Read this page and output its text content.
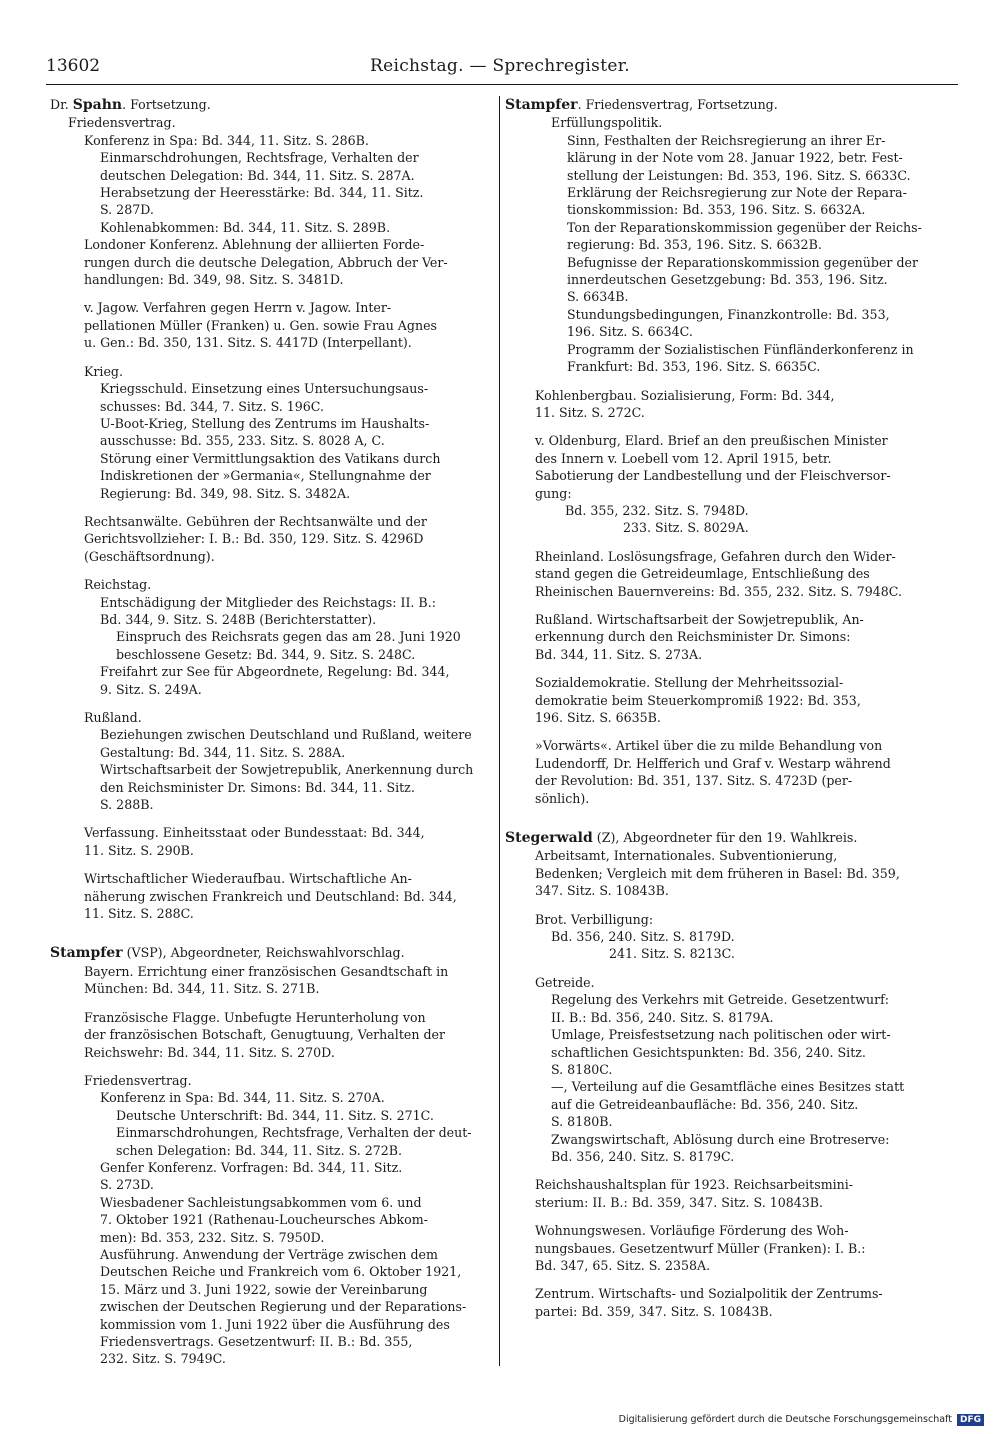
13602	Reichstag. — Sprechregister.
Dr. Spahn. Fortsetzung.
Friedensvertrag.
Konferenz in Spa: Bd. 344, 11. Sitz. S. 286B.
Einmarschdrohungen, Rechtsfrage, Verhalten der
deutschen Delegation: Bd. 344, 11. Sitz. S. 287A.
Herabsetzung der Heeresstärke: Bd. 344, 11. Sitz.
S. 287D.
Kohlenabkommen: Bd. 344, 11. Sitz. S. 289B.
Londoner Konferenz. Ablehnung der alliierten Forde-
rungen durch die deutsche Delegation, Abbruch der Ver-
handlungen: Bd. 349, 98. Sitz. S. 3481D.
v. Jagow. Verfahren gegen Herrn v. Jagow. Inter-
pellationen Müller (Franken) u. Gen. sowie Frau Agnes
u. Gen.: Bd. 350, 131. Sitz. S. 4417D (Interpellant).
Krieg.
Kriegsschuld. Einsetzung eines Untersuchungsaus-
schusses: Bd. 344, 7. Sitz. S. 196C.
U-Boot-Krieg, Stellung des Zentrums im Haushalts-
ausschusse: Bd. 355, 233. Sitz. S. 8028 A, C.
Störung einer Vermittlungsaktion des Vatikans durch
Indiskretionen der »Germania«, Stellungnahme der
Regierung: Bd. 349, 98. Sitz. S. 3482A.
Rechtsanwälte. Gebühren der Rechtsanwälte und der
Gerichtsvollzieher: I. B.: Bd. 350, 129. Sitz. S. 4296D
(Geschäftsordnung).
Reichstag.
Entschädigung der Mitglieder des Reichstags: II. B.:
Bd. 344, 9. Sitz. S. 248B (Berichterstatter).
Einspruch des Reichsrats gegen das am 28. Juni 1920
beschlossene Gesetz: Bd. 344, 9. Sitz. S. 248C.
Freifahrt zur See für Abgeordnete, Regelung: Bd. 344,
9. Sitz. S. 249A.
Rußland.
Beziehungen zwischen Deutschland und Rußland, weitere
Gestaltung: Bd. 344, 11. Sitz. S. 288A.
Wirtschaftsarbeit der Sowjetrepublik, Anerkennung durch
den Reichsminister Dr. Simons: Bd. 344, 11. Sitz.
S. 288B.
Verfassung. Einheitsstaat oder Bundesstaat: Bd. 344,
11. Sitz. S. 290B.
Wirtschaftlicher Wiederaufbau. Wirtschaftliche An-
näherung zwischen Frankreich und Deutschland: Bd. 344,
11. Sitz. S. 288C.
Stampfer (VSP), Abgeordneter, Reichswahlvorschlag.
Bayern. Errichtung einer französischen Gesandtschaft in
München: Bd. 344, 11. Sitz. S. 271B.
Französische Flagge. Unbefugte Herunterholung von
der französischen Botschaft, Genugtuung, Verhalten der
Reichswehr: Bd. 344, 11. Sitz. S. 270D.
Friedensvertrag.
Konferenz in Spa: Bd. 344, 11. Sitz. S. 270A.
Deutsche Unterschrift: Bd. 344, 11. Sitz. S. 271C.
Einmarschdrohungen, Rechtsfrage, Verhalten der deut-
schen Delegation: Bd. 344, 11. Sitz. S. 272B.
Genfer Konferenz. Vorfragen: Bd. 344, 11. Sitz.
S. 273D.
Wiesbadener Sachleistungsabkommen vom 6. und
7. Oktober 1921 (Rathenau-Loucheursches Abkom-
men): Bd. 353, 232. Sitz. S. 7950D.
Ausführung. Anwendung der Verträge zwischen dem
Deutschen Reiche und Frankreich vom 6. Oktober 1921,
15. März und 3. Juni 1922, sowie der Vereinbarung
zwischen der Deutschen Regierung und der Reparations-
kommission vom 1. Juni 1922 über die Ausführung des
Friedensvertrags. Gesetzentwurf: II. B.: Bd. 355,
232. Sitz. S. 7949C.
Stampfer. Friedensvertrag, Fortsetzung.
Erfüllungspolitik.
Sinn, Festhalten der Reichsregierung an ihrer Er-
klärung in der Note vom 28. Januar 1922, betr. Fest-
stellung der Leistungen: Bd. 353, 196. Sitz. S. 6633C.
Erklärung der Reichsregierung zur Note der Repara-
tionskommission: Bd. 353, 196. Sitz. S. 6632A.
Ton der Reparationskommission gegenüber der Reichs-
regierung: Bd. 353, 196. Sitz. S. 6632B.
Befugnisse der Reparationskommission gegenüber der
innerdeutschen Gesetzgebung: Bd. 353, 196. Sitz.
S. 6634B.
Stundungsbedingungen, Finanzkontrolle: Bd. 353,
196. Sitz. S. 6634C.
Programm der Sozialistischen Fünfländerkonferenz in
Frankfurt: Bd. 353, 196. Sitz. S. 6635C.
Kohlenbergbau. Sozialisierung, Form: Bd. 344,
11. Sitz. S. 272C.
v. Oldenburg, Elard. Brief an den preußischen Minister
des Innern v. Loebell vom 12. April 1915, betr.
Sabotierung der Landbestellung und der Fleischversor-
gung:
Bd. 355, 232. Sitz. S. 7948D.
233. Sitz. S. 8029A.
Rheinland. Loslösungsfrage, Gefahren durch den Wider-
stand gegen die Getreideumlage, Entschließung des
Rheinischen Bauernvereins: Bd. 355, 232. Sitz. S. 7948C.
Rußland. Wirtschaftsarbeit der Sowjetrepublik, An-
erkennung durch den Reichsminister Dr. Simons:
Bd. 344, 11. Sitz. S. 273A.
Sozialdemokratie. Stellung der Mehrheitssozial-
demokratie beim Steuerkompromiß 1922: Bd. 353,
196. Sitz. S. 6635B.
»Vorwärts«. Artikel über die zu milde Behandlung von
Ludendorff, Dr. Helfferich und Graf v. Westarp während
der Revolution: Bd. 351, 137. Sitz. S. 4723D (per-
sönlich).
Stegerwald (Z), Abgeordneter für den 19. Wahlkreis.
Arbeitsamt, Internationales. Subventionierung,
Bedenken; Vergleich mit dem früheren in Basel: Bd. 359,
347. Sitz. S. 10843B.
Brot. Verbilligung:
Bd. 356, 240. Sitz. S. 8179D.
241. Sitz. S. 8213C.
Getreide.
Regelung des Verkehrs mit Getreide. Gesetzentwurf:
II. B.: Bd. 356, 240. Sitz. S. 8179A.
Umlage, Preisfestsetzung nach politischen oder wirt-
schaftlichen Gesichtspunkten: Bd. 356, 240. Sitz.
S. 8180C.
—, Verteilung auf die Gesamtfläche eines Besitzes statt
auf die Getreideanbaufläche: Bd. 356, 240. Sitz.
S. 8180B.
Zwangswirtschaft, Ablösung durch eine Brotreserve:
Bd. 356, 240. Sitz. S. 8179C.
Reichshaushaltsplan für 1923. Reichsarbeitsmini-
sterium: II. B.: Bd. 359, 347. Sitz. S. 10843B.
Wohnungswesen. Vorläufige Förderung des Woh-
nungsbaues. Gesetzentwurf Müller (Franken): I. B.:
Bd. 347, 65. Sitz. S. 2358A.
Zentrum. Wirtschafts- und Sozialpolitik der Zentrums-
partei: Bd. 359, 347. Sitz. S. 10843B.
Digitalisierung gefördert durch die Deutsche Forschungsgemeinschaft DFG
